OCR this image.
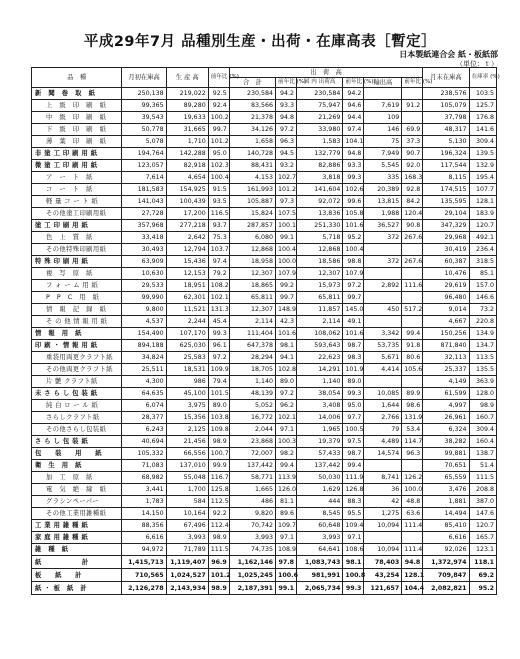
平成29年7月 品種別生産・出荷・在庫高表［暫定］
日本製紙連合会 紙・板紙部
（単位：ｔ）
品　種	月初在庫高	生 産 高	前年比 (%)	出　荷　高						月末在庫高	在庫率 (%)
				合　計	前年比 (%)	国 内 出荷高	前年比 (%)	輸出高	前年比 (%)		
新　聞　巻　取　紙	250,138	219,022	92.5	230,584	94.2	230,584	94.2			238,576	103.5
上　級　印　刷　紙	99,365	89,280	92.4	83,566	93.3	75,947	94.6	7,619	91.2	105,079	125.7
中　級　印　刷　紙	39,543	19,633	100.2	21,378	94.8	21,269	94.4	109		37,798	176.8
下　級　印　刷　紙	50,778	31,665	99.7	34,126	97.2	33,980	97.4	146	69.9	48,317	141.6
薄　葉　印　刷　紙	5,078	1,710	101.2	1,658	96.3	1,583	104.1	75	37.3	5,130	309.4
非 塗 工 印 刷 用 紙	194,764	142,288	95.0	140,728	94.5	132,779	94.8	7,949	90.7	196,324	139.5
微 塗 工 印 刷 用 紙	123,057	82,918	102.3	88,431	93.2	82,886	93.3	5,545	92.0	117,544	132.9
ア　ー　ト　紙	7,614	4,654	100.4	4,153	102.7	3,818	99.3	335	168.3	8,115	195.4
コ　ー　ト　紙	181,583	154,925	91.5	161,993	101.2	141,604	102.6	20,389	92.8	174,515	107.7
軽 量 コ ー ト 紙	141,043	100,439	93.5	105,887	97.3	92,072	99.6	13,815	84.2	135,595	128.1
その他塗工印刷用紙	27,728	17,200	116.5	15,824	107.5	13,836	105.8	1,988	120.4	29,104	183.9
塗 工 印 刷 用 紙	357,968	277,218	93.7	287,857	100.1	251,330	101.6	36,527	90.8	347,329	120.7
色　上　質　紙	33,418	2,642	75.3	6,080	99.1	5,718	95.2	372	267.6	29,968	492.1
その他特殊印刷用紙	30,493	12,794	103.7	12,868	100.4	12,868	100.4			30,419	236.4
特 殊 印 刷 用 紙	63,909	15,436	97.4	18,958	100.0	18,586	98.8	372	267.6	60,387	318.5
複　写　原　紙	10,630	12,153	79.2	12,307	107.9	12,307	107.9			10,476	85.1
フ ォ ー ム 用 紙	29,533	18,951	108.2	18,865	99.2	15,973	97.2	2,892	111.6	29,619	157.0
P　P　C　用　紙	99,990	62,301	102.1	65,811	99.7	65,811	99.7			96,480	146.6
情　報　記　録　紙	9,800	11,521	131.3	12,307	148.9	11,857	145.0	450	517.2	9,014	73.2
そ の 他 情 報 用 紙	4,537	2,244	45.4	2,114	42.3	2,114	49.1			4,667	220.8
情　報　用　紙	154,490	107,170	99.3	111,404	101.6	108,062	101.6	3,342	99.4	150,256	134.9
印 刷 ・ 情 報 用 紙	894,188	625,030	96.1	647,378	98.1	593,643	98.7	53,735	91.8	871,840	134.7
重袋用両更クラフト紙	34,824	25,583	97.2	28,294	94.1	22,623	98.3	5,671	80.6	32,113	113.5
その他両更クラフト紙	25,511	18,531	109.9	18,705	102.8	14,291	101.9	4,414	105.6	25,337	135.5
片 艶 クラフト紙	4,300	986	79.4	1,140	89.0	1,140	89.0			4,149	363.9
未 さ ら し 包 装 紙	64,635	45,100	101.5	48,139	97.2	38,054	99.3	10,085	89.9	61,599	128.0
純 白 ロ ー ル 紙	6,074	3,975	89.0	5,052	96.2	3,408	95.0	1,644	98.6	4,997	98.9
さらしクラフト紙	28,377	15,356	103.8	16,772	102.1	14,006	97.7	2,766	131.9	26,961	160.7
その他さらし包装紙	6,243	2,125	109.8	2,044	97.1	1,965	100.5	79	53.4	6,324	309.4
さ ら し 包 装 紙	40,694	21,456	98.9	23,868	100.3	19,379	97.5	4,489	114.7	38,282	160.4
包　　装　　用　　紙	105,332	66,556	100.7	72,007	98.2	57,433	98.7	14,574	96.3	99,881	138.7
衛　生　用　紙	71,083	137,010	99.9	137,442	99.4	137,442	99.4			70,651	51.4
加　工　原　紙	68,982	55,048	116.7	58,771	113.9	50,030	111.9	8,741	126.2	65,559	111.5
電　気　絶　縁　紙	3,441	1,700	125.8	1,665	126.0	1,629	126.8	36	100.0	3,476	208.8
グラシンペーパー	1,783	584	112.5	486	81.1	444	88.3	42	48.8	1,881	387.0
その他工業用雑種紙	14,150	10,164	92.2	9,820	89.6	8,545	95.5	1,275	63.6	14,494	147.6
工 業 用 雑 種 紙	88,356	67,496	112.4	70,742	109.7	60,648	109.4	10,094	111.4	85,410	120.7
家 庭 用 雑 種 紙	6,616	3,993	98.9	3,993	97.1	3,993	97.1			6,616	165.7
雑　種　紙	94,972	71,789	111.5	74,735	108.9	64,641	108.6	10,094	111.4	92,026	123.1
紙　　　　　　計	1,415,713	1,119,407	96.9	1,162,146	97.8	1,083,743	98.1	78,403	94.8	1,372,974	118.1
板　　紙　　計	710,565	1,024,527	101.2	1,025,245	100.6	981,991	100.8	43,254	128.1	709,847	69.2
紙 ・ 板　紙　計	2,126,278	2,143,934	98.9	2,187,391	99.1	2,065,734	99.3	121,657	104.4	2,082,821	95.2
